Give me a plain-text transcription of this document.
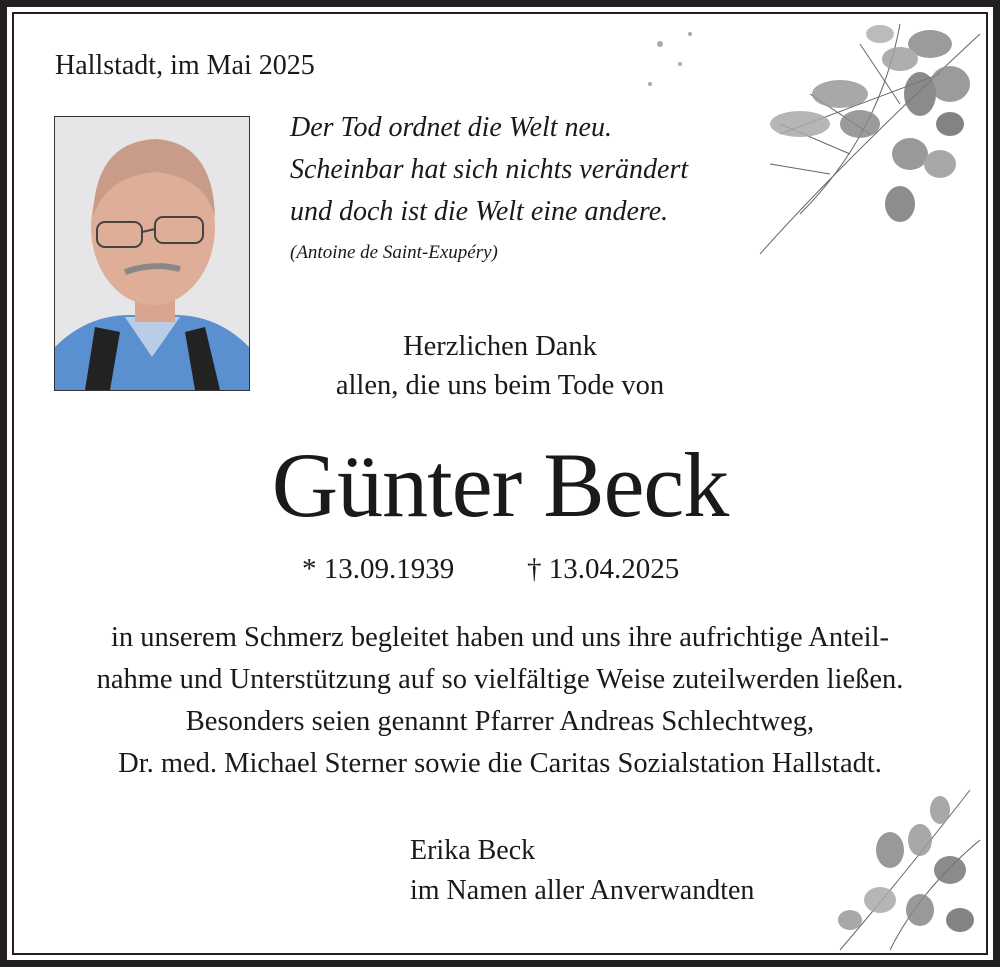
Hallstadt, im Mai 2025

Der Tod ordnet die Welt neu.

Scheinbar hat sich nichts verändert

und doch ist die Welt eine andere.

(Antoine de Saint-Exupéry)

Herzlichen Dank

allen, die uns beim Tode von

Günter Beck

* 13.09.1939	† 13.04.2025

in unserem Schmerz begleitet haben und uns ihre aufrichtige Anteil-

nahme und Unterstützung auf so vielfältige Weise zuteilwerden ließen.

Besonders seien genannt Pfarrer Andreas Schlechtweg,

Dr. med. Michael Sterner sowie die Caritas Sozialstation Hallstadt.

Erika Beck

im Namen aller Anverwandten
